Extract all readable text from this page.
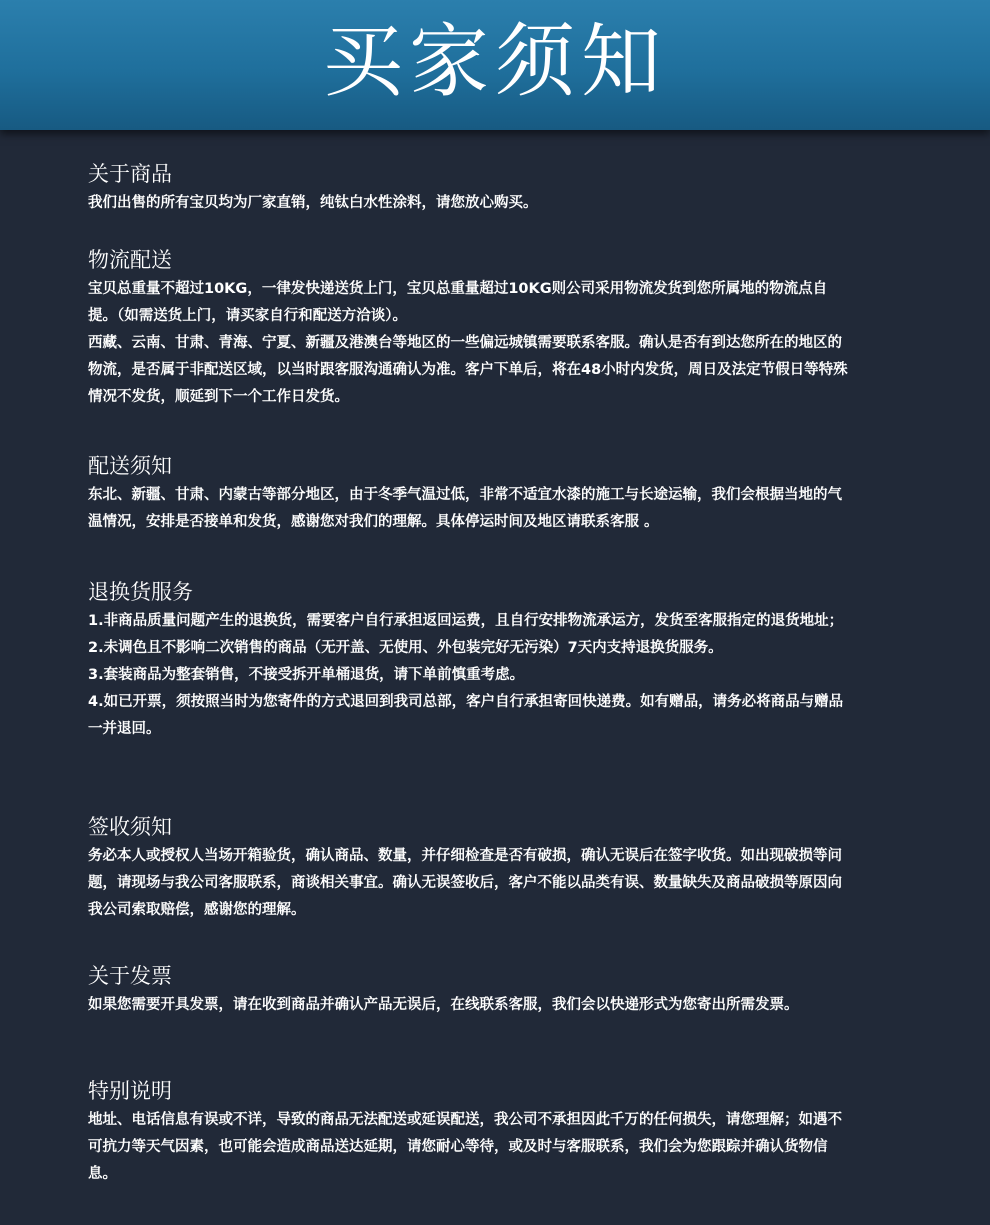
买家须知
关于商品

我们出售的所有宝贝均为厂家直销，纯钛白水性涂料，请您放心购买。

物流配送

宝贝总重量不超过10KG，一律发快递送货上门，宝贝总重量超过10KG则公司采用物流发货到您所属地的物流点自提。（如需送货上门，请买家自行和配送方洽谈）。

西藏、云南、甘肃、青海、宁夏、新疆及港澳台等地区的一些偏远城镇需要联系客服。确认是否有到达您所在的地区的物流，是否属于非配送区域，以当时跟客服沟通确认为准。客户下单后，将在48小时内发货，周日及法定节假日等特殊情况不发货，顺延到下一个工作日发货。

配送须知

东北、新疆、甘肃、内蒙古等部分地区，由于冬季气温过低，非常不适宜水漆的施工与长途运输，我们会根据当地的气温情况，安排是否接单和发货，感谢您对我们的理解。具体停运时间及地区请联系客服 。

退换货服务

1.非商品质量问题产生的退换货，需要客户自行承担返回运费，且自行安排物流承运方，发货至客服指定的退货地址；

2.未调色且不影响二次销售的商品（无开盖、无使用、外包装完好无污染）7天内支持退换货服务。

3.套装商品为整套销售，不接受拆开单桶退货，请下单前慎重考虑。

4.如已开票，须按照当时为您寄件的方式退回到我司总部，客户自行承担寄回快递费。如有赠品，请务必将商品与赠品一并退回。

签收须知

务必本人或授权人当场开箱验货，确认商品、数量，并仔细检查是否有破损，确认无误后在签字收货。如出现破损等问题，请现场与我公司客服联系，商谈相关事宜。确认无误签收后，客户不能以品类有误、数量缺失及商品破损等原因向我公司索取赔偿，感谢您的理解。

关于发票

如果您需要开具发票，请在收到商品并确认产品无误后，在线联系客服，我们会以快递形式为您寄出所需发票。

特别说明

地址、电话信息有误或不详，导致的商品无法配送或延误配送，我公司不承担因此千万的任何损失，请您理解；如遇不可抗力等天气因素，也可能会造成商品送达延期，请您耐心等待，或及时与客服联系，我们会为您跟踪并确认货物信息。
